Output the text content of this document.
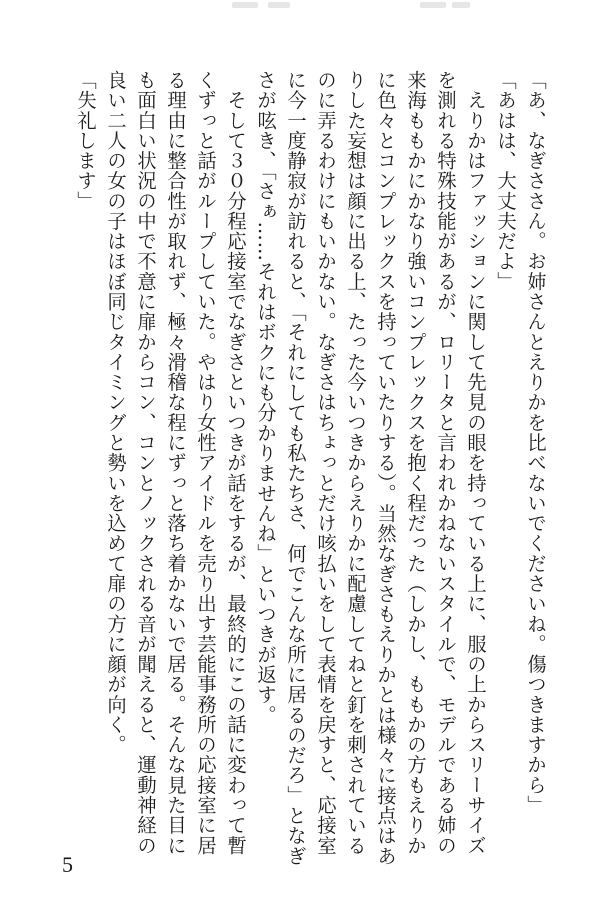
「あ、なぎささん。お姉さんとえりかを比べないでくださいね。傷つきますから」

「あはは、大丈夫だよ」

　えりかはファッションに関して先見の眼を持っている上に、服の上からスリーサイズ

を測れる特殊技能があるが、ロリータと言われかねないスタイルで、モデルである姉の

来海ももかにかなり強いコンプレックスを抱く程だった（しかし、ももかの方もえりか

に色々とコンプレックスを持っていたりする）。当然なぎさもえりかとは様々に接点はあ

りした妄想は顔に出る上、たった今いつきからえりかに配慮してねと釘を刺されている

のに弄るわけにもいかない。なぎさはちょっとだけ咳払いをして表情を戻すと、応接室

に今一度静寂が訪れると、「それにしても私たちさ、何でこんな所に居るのだろ」となぎ

さが呟き、「さぁ……それはボクにも分かりませんね」といつきが返す。

　そして３０分程応接室でなぎさといつきが話をするが、最終的にこの話に変わって暫

くずっと話がループしていた。やはり女性アイドルを売り出す芸能事務所の応接室に居

る理由に整合性が取れず、極々滑稽な程にずっと落ち着かないで居る。そんな見た目に

も面白い状況の中で不意に扉からコン、コンとノックされる音が聞えると、運動神経の

良い二人の女の子はほぼ同じタイミングと勢いを込めて扉の方に顔が向く。

「失礼します」

5
